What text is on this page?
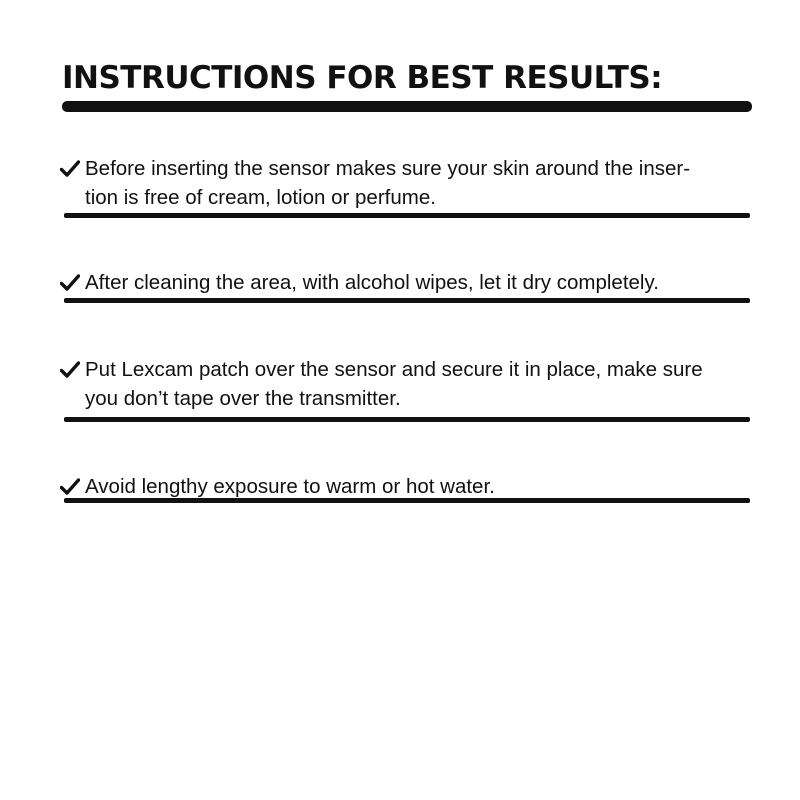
INSTRUCTIONS FOR BEST RESULTS:

Before inserting the sensor makes sure your skin around the inser-
tion is free of cream, lotion or perfume.

After cleaning the area, with alcohol wipes, let it dry completely.

Put Lexcam patch over the sensor and secure it in place, make sure
you don’t tape over the transmitter.

Avoid lengthy exposure to warm or hot water.
